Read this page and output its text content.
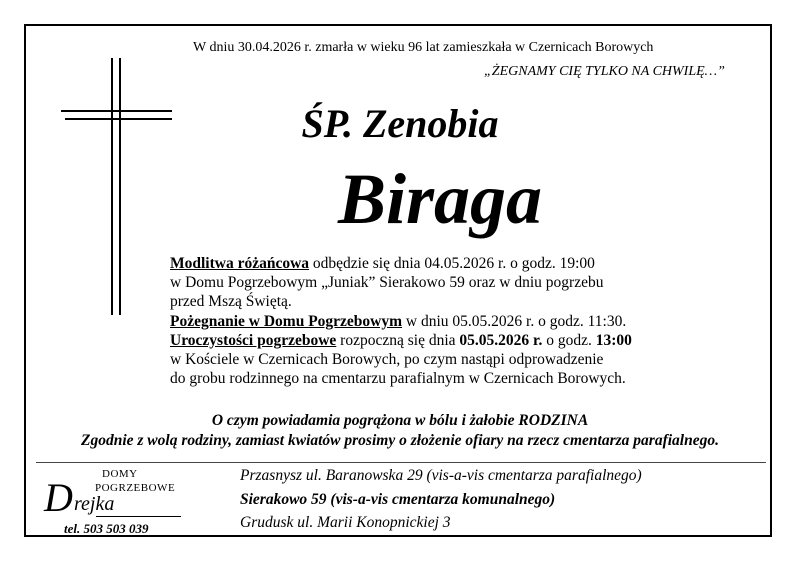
W dniu 30.04.2026 r. zmarła w wieku 96 lat zamieszkała w Czernicach Borowych
„ŻEGNAMY CIĘ TYLKO NA CHWILĘ…”
ŚP. Zenobia
Biraga
Modlitwa różańcowa odbędzie się dnia 04.05.2026 r. o godz. 19:00
w Domu Pogrzebowym „Juniak” Sierakowo 59 oraz w dniu pogrzebu
przed Mszą Świętą.
Pożegnanie w Domu Pogrzebowym w dniu 05.05.2026 r. o godz. 11:30.
Uroczystości pogrzebowe rozpoczną się dnia 05.05.2026 r. o godz. 13:00
w Kościele w Czernicach Borowych, po czym nastąpi odprowadzenie
do grobu rodzinnego na cmentarzu parafialnym w Czernicach Borowych.
O czym powiadamia pogrążona w bólu i żałobie RODZINA
Zgodnie z wolą rodziny, zamiast kwiatów prosimy o złożenie ofiary na rzecz cmentarza parafialnego.
D
DOMY
POGRZEBOWE
rejka
tel. 503 503 039
Przasnysz ul. Baranowska 29 (vis-a-vis cmentarza parafialnego)
Sierakowo 59 (vis-a-vis cmentarza komunalnego)
Grudusk ul. Marii Konopnickiej 3
